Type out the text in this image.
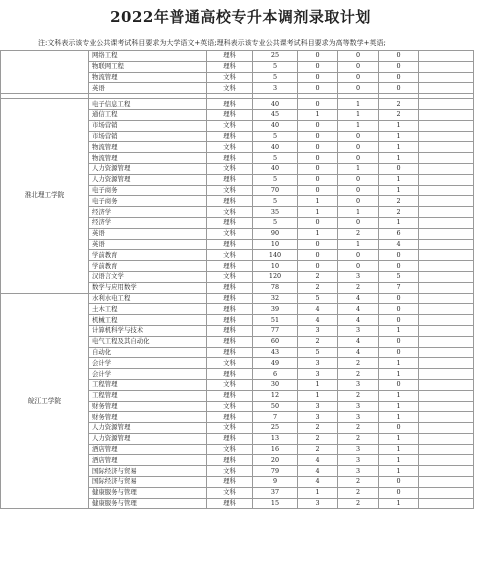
2022年普通高校专升本调剂录取计划
注:文科表示该专业公共课考试科目要求为大学语文+英语;理科表示该专业公共课考试科目要求为高等数学+英语;
	网络工程	理科	25	0	0	0	
	物联网工程	理科	5	0	0	0	
	物流管理	文科	5	0	0	0	
	英语	文科	3	0	0	0	

淮北理工学院	电子信息工程	理科	40	0	1	2	
	通信工程	理科	45	1	1	2	
	市场营销	文科	40	0	1	1	
	市场营销	理科	5	0	0	1	
	物流管理	文科	40	0	0	1	
	物流管理	理科	5	0	0	1	
	人力资源管理	文科	40	0	1	0	
	人力资源管理	理科	5	0	0	1	
	电子商务	文科	70	0	0	1	
	电子商务	理科	5	1	0	2	
	经济学	文科	35	1	1	2	
	经济学	理科	5	0	0	1	
	英语	文科	90	1	2	6	
	英语	理科	10	0	1	4	
	学前教育	文科	140	0	0	0	
	学前教育	理科	10	0	0	0	
	汉语言文学	文科	120	2	3	5	
	数学与应用数学	理科	78	2	2	7	
皖江工学院	水利水电工程	理科	32	5	4	0	
	土木工程	理科	39	4	4	0	
	机械工程	理科	51	4	4	0	
	计算机科学与技术	理科	77	3	3	1	
	电气工程及其自动化	理科	60	2	4	0	
	自动化	理科	43	5	4	0	
	会计学	文科	49	3	2	1	
	会计学	理科	6	3	2	1	
	工程管理	文科	30	1	3	0	
	工程管理	理科	12	1	2	1	
	财务管理	文科	50	3	3	1	
	财务管理	理科	7	3	3	1	
	人力资源管理	文科	25	2	2	0	
	人力资源管理	理科	13	2	2	1	
	酒店管理	文科	16	2	3	1	
	酒店管理	理科	20	4	3	1	
	国际经济与贸易	文科	79	4	3	1	
	国际经济与贸易	理科	9	4	2	0	
	健康服务与管理	文科	37	1	2	0	
	健康服务与管理	理科	15	3	2	1	
